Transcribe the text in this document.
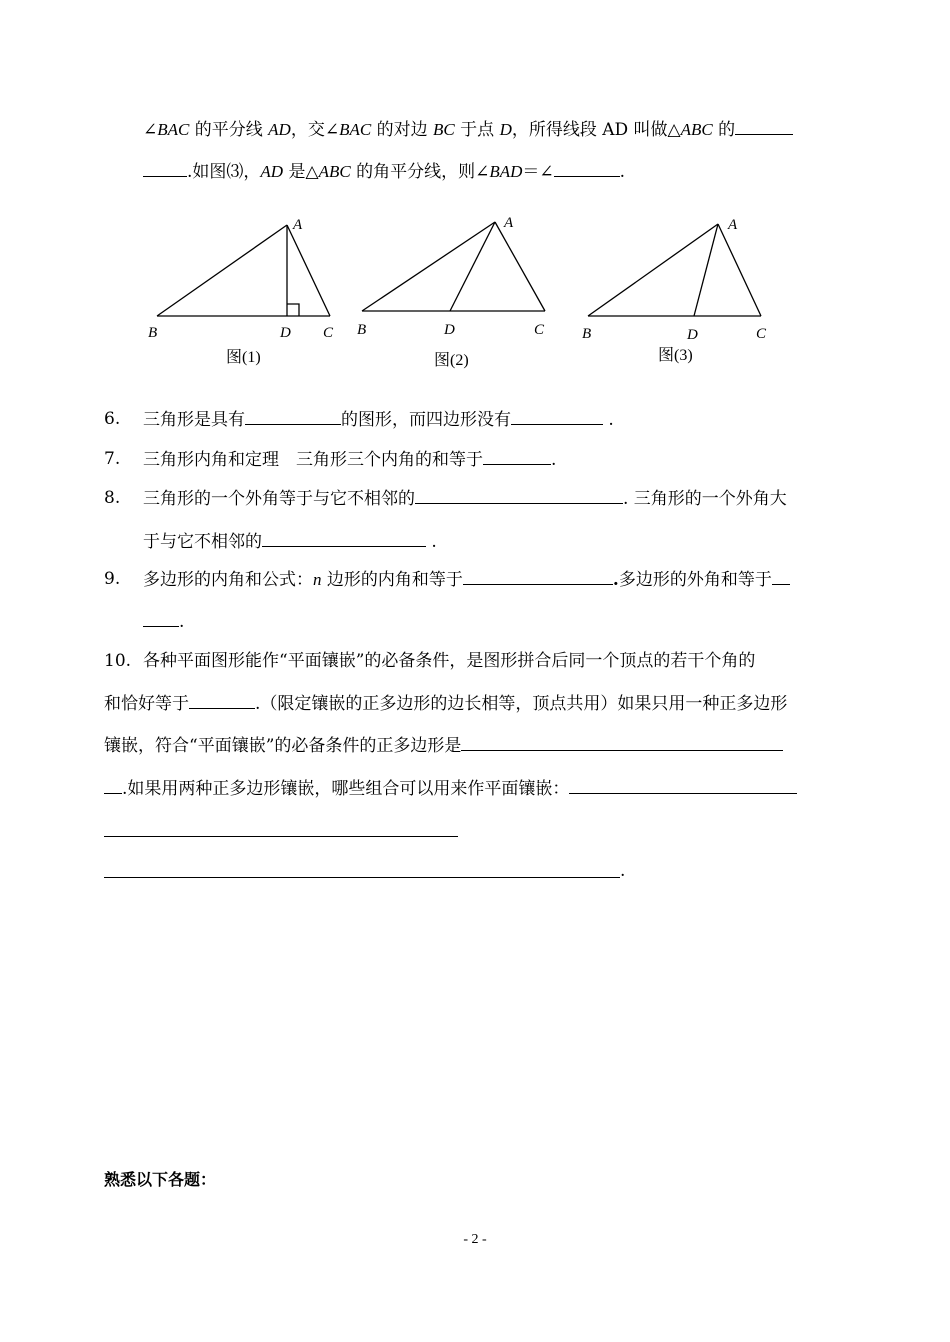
∠BAC 的平分线 AD，交∠BAC 的对边 BC 于点 D，所得线段 AD 叫做△ABC 的
.如图⑶，AD 是△ABC 的角平分线，则∠BAD＝∠	.
A
B	D C
图(1)
A
B	D	C
图(2)
A
B	D	C
图(3)
6. 三角形是具有	的图形，而四边形没有	.
7. 三角形内角和定理　三角形三个内角的和等于	.
8. 三角形的一个外角等于与它不相邻的	. 三角形的一个外角大
于与它不相邻的	.
9. 多边形的内角和公式：n 边形的内角和等于	.多边形的外角和等于
.
10. 各种平面图形能作“平面镶嵌”的必备条件，是图形拼合后同一个顶点的若干个角的
和恰好等于	.（限定镶嵌的正多边形的边长相等，顶点共用）如果只用一种正多边形
镶嵌，符合“平面镶嵌”的必备条件的正多边形是
.如果用两种正多边形镶嵌，哪些组合可以用来作平面镶嵌：
.
熟悉以下各题：
- 2 -
